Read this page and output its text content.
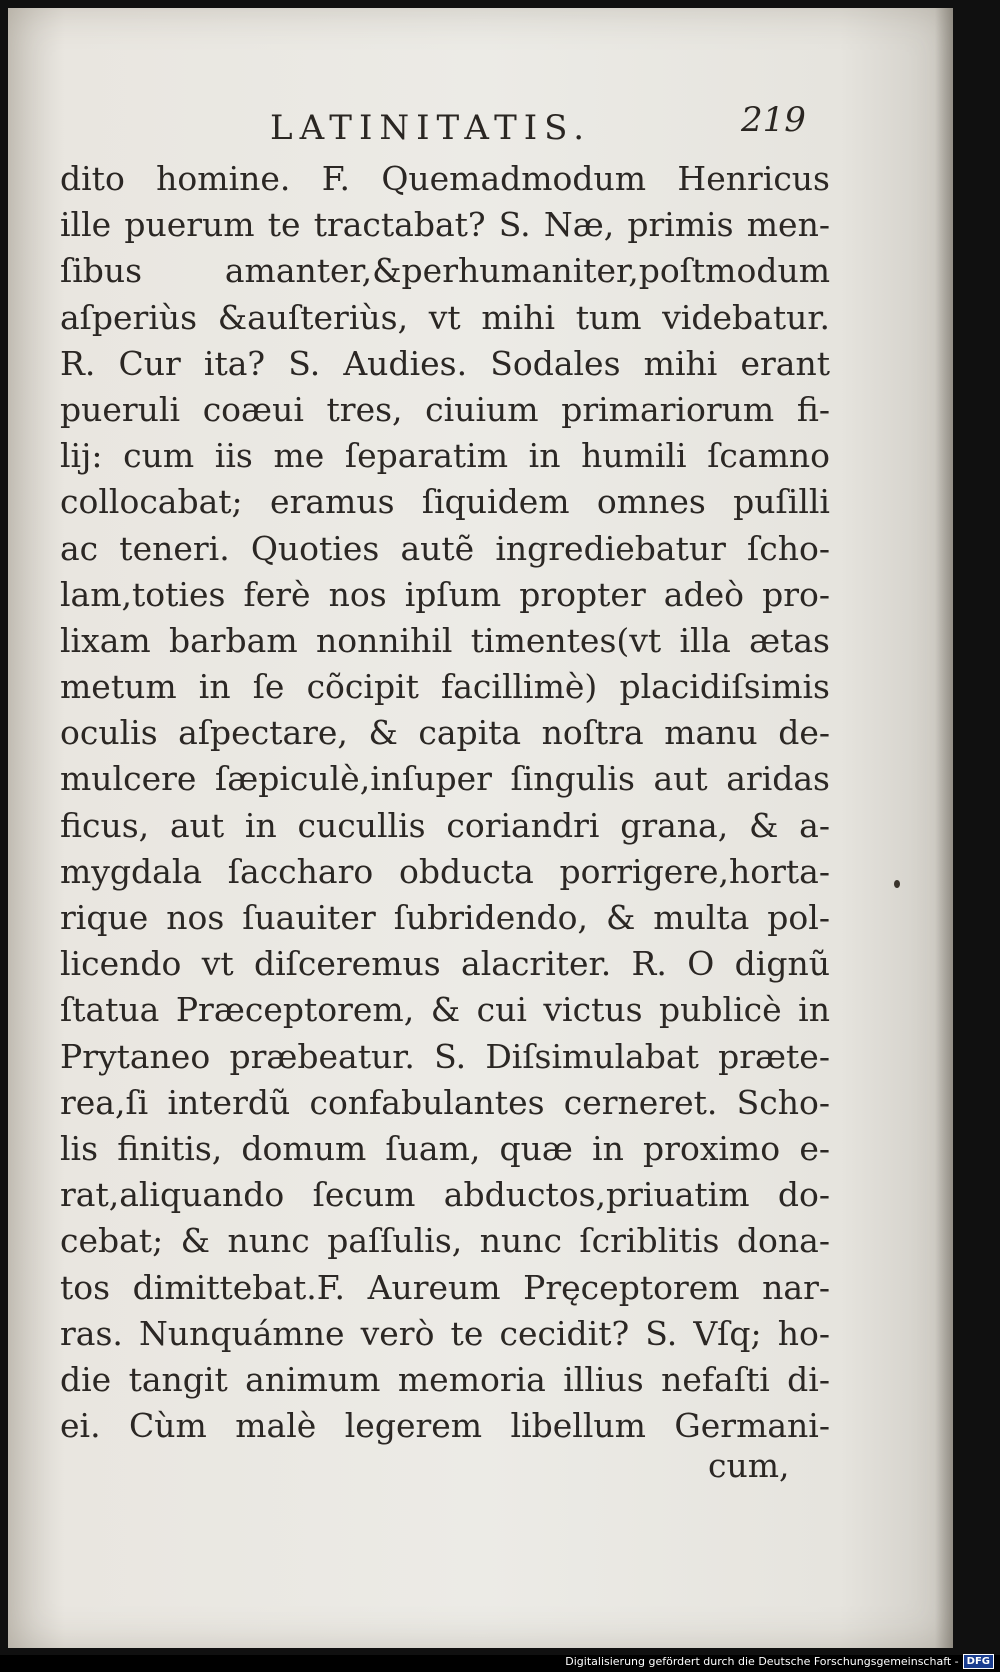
LATINITATIS.	219
dito homine. F. Quemadmodum Henricus
ille puerum te tractabat? S. Næ, primis men-
ſibus amanter,&perhumaniter,poſtmodum
aſperiùs &auſteriùs, vt mihi tum videbatur.
R. Cur ita? S. Audies. Sodales mihi erant
pueruli coæui tres, ciuium primariorum fi-
lij: cum iis me ſeparatim in humili ſcamno
collocabat; eramus ſiquidem omnes puſilli
ac teneri. Quoties autẽ ingrediebatur ſcho-
lam,toties ferè nos ipſum propter adeò pro-
lixam barbam nonnihil timentes(vt illa ætas
metum in ſe cõcipit facillimè) placidiſsimis
oculis aſpectare, & capita noſtra manu de-
mulcere ſæpiculè,inſuper ſingulis aut aridas
ficus, aut in cucullis coriandri grana, & a-
mygdala ſaccharo obducta porrigere,horta-
rique nos ſuauiter ſubridendo, & multa pol-
licendo vt diſceremus alacriter. R. O dignũ
ſtatua Præceptorem, & cui victus publicè in
Prytaneo præbeatur. S. Diſsimulabat præte-
rea,ſi interdũ confabulantes cerneret. Scho-
lis finitis, domum ſuam, quæ in proximo e-
rat,aliquando ſecum abductos,priuatim do-
cebat; & nunc paſſulis, nunc ſcriblitis dona-
tos dimittebat.F. Aureum Pręceptorem nar-
ras. Nunquámne verò te cecidit? S. Vſq; ho-
die tangit animum memoria illius nefaſti di-
ei. Cùm malè legerem libellum Germani-
cum,
Digitalisierung gefördert durch die Deutsche Forschungsgemeinschaft - DFG
